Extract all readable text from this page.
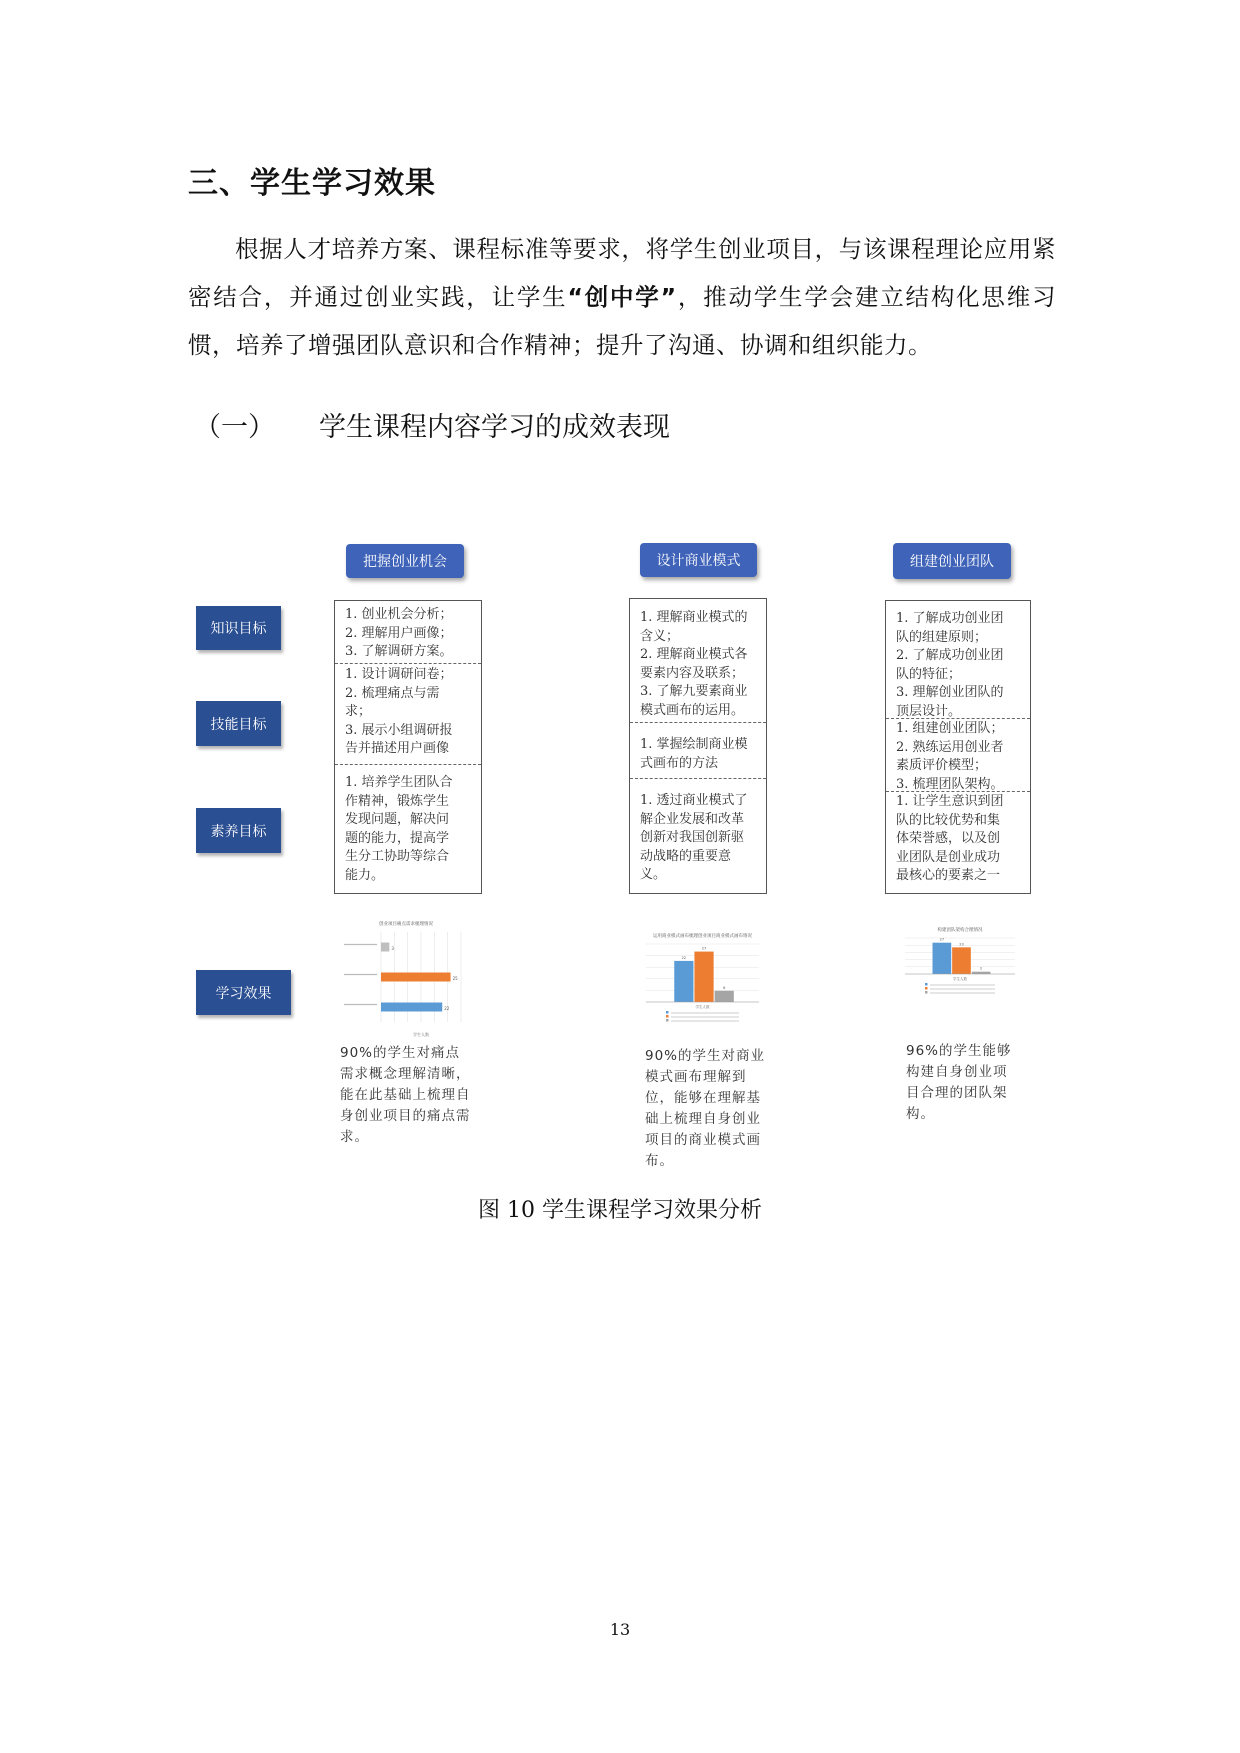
三、学生学习效果
根据人才培养方案、课程标准等要求，将学生创业项目，与该课程理论应用紧密结合，并通过创业实践，让学生“创中学”，推动学生学会建立结构化思维习惯，培养了增强团队意识和合作精神；提升了沟通、协调和组织能力。
（一） 学生课程内容学习的成效表现
知识目标
技能目标
素养目标
学习效果
把握创业机会
1. 创业机会分析；
2. 理解用户画像；
3. 了解调研方案。
1. 设计调研问卷；
2. 梳理痛点与需
求；
3. 展示小组调研报
告并描述用户画像
1. 培养学生团队合
作精神，锻炼学生
发现问题，解决问
题的能力，提高学
生分工协助等综合
能力。
设计商业模式
1. 理解商业模式的
含义；
2. 理解商业模式各
要素内容及联系；
3. 了解九要素商业
模式画布的运用。
1. 掌握绘制商业模
式画布的方法
1. 透过商业模式了
解企业发展和改革
创新对我国创新驱
动战略的重要意
义。
组建创业团队
1. 了解成功创业团
队的组建原则；
2. 了解成功创业团
队的特征；
3. 理解创业团队的
顶层设计。
1. 组建创业团队；
2. 熟练运用创业者
素质评价模型；
3. 梳理团队架构。
1. 让学生意识到团
队的比较优势和集
体荣誉感，以及创
业团队是创业成功
最核心的要素之一
创业项目痛点需求梳理情况
3
25
22
学生人数
运用商业模式画布梳理创业项目商业模式画布情况
22
27
6
学生人数
构建团队架构合理情况
27
23
2
学生人数
90%的学生对痛点需求概念理解清晰，能在此基础上梳理自身创业项目的痛点需求。
90%的学生对商业模式画布理解到位，能够在理解基础上梳理自身创业项目的商业模式画布。
96%的学生能够构建自身创业项目合理的团队架构。
图 10 学生课程学习效果分析
13
